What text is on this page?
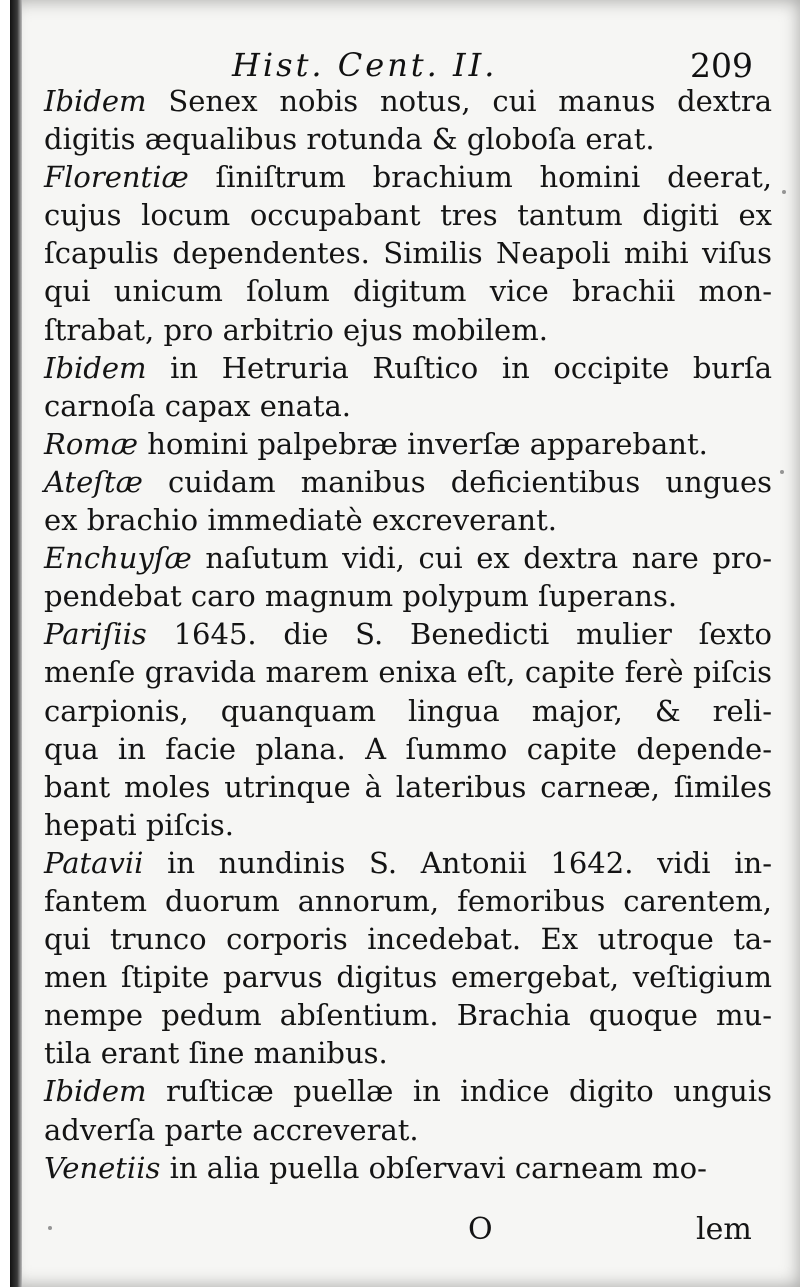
Hist. Cent. II.	209
Ibidem Senex nobis notus, cui manus dextra
digitis æqualibus rotunda & globoſa erat.
Florentiæ ſiniſtrum brachium homini deerat,
cujus locum occupabant tres tantum digiti ex
ſcapulis dependentes. Similis Neapoli mihi viſus
qui unicum ſolum digitum vice brachii mon-
ſtrabat, pro arbitrio ejus mobilem.
Ibidem in Hetruria Ruſtico in occipite burſa
carnoſa capax enata.
Romæ homini palpebræ inverſæ apparebant.
Ateſtæ cuidam manibus deficientibus ungues
ex brachio immediatè excreverant.
Enchuyſæ naſutum vidi, cui ex dextra nare pro-
pendebat caro magnum polypum ſuperans.
Pariſiis 1645. die S. Benedicti mulier ſexto
menſe gravida marem enixa eſt, capite ferè piſcis
carpionis, quanquam lingua major, & reli-
qua in facie plana. A ſummo capite depende-
bant moles utrinque à lateribus carneæ, ſimiles
hepati piſcis.
Patavii in nundinis S. Antonii 1642. vidi in-
fantem duorum annorum, femoribus carentem,
qui trunco corporis incedebat. Ex utroque ta-
men ſtipite parvus digitus emergebat, veſtigium
nempe pedum abſentium. Brachia quoque mu-
tila erant ſine manibus.
Ibidem ruſticæ puellæ in indice digito unguis
adverſa parte accreverat.
Venetiis in alia puella obſervavi carneam mo-
O	lem
